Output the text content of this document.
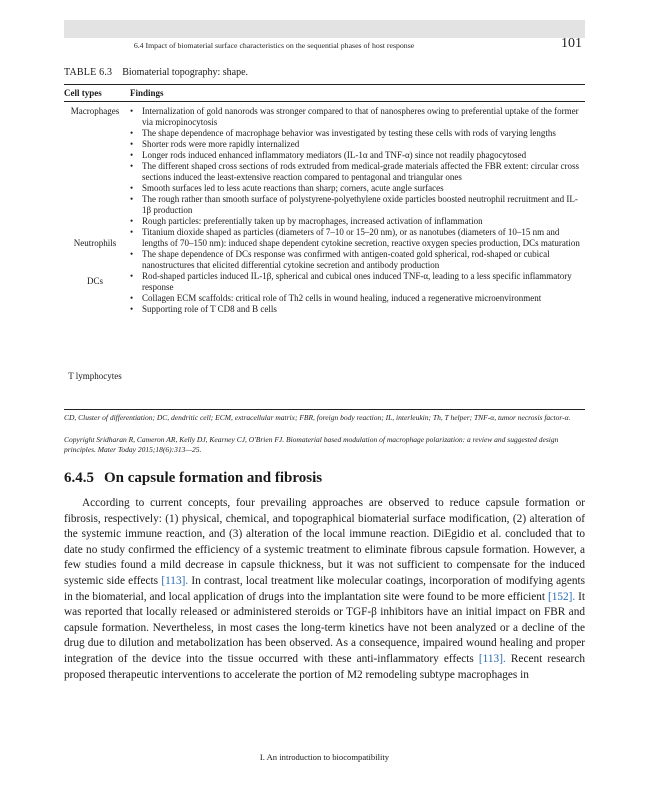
6.4 Impact of biomaterial surface characteristics on the sequential phases of host response	101
TABLE 6.3 Biomaterial topography: shape.
Cell types	Findings
Macrophages
Neutrophils
DCs
T lymphocytes
• Internalization of gold nanorods was stronger compared to that of nanospheres owing to preferential uptake of the former via micropinocytosis
• The shape dependence of macrophage behavior was investigated by testing these cells with rods of varying lengths
• Shorter rods were more rapidly internalized
• Longer rods induced enhanced inflammatory mediators (IL-1α and TNF-α) since not readily phagocytosed
• The different shaped cross sections of rods extruded from medical-grade materials affected the FBR extent: circular cross sections induced the least-extensive reaction compared to pentagonal and triangular ones
• Smooth surfaces led to less acute reactions than sharp; corners, acute angle surfaces
• The rough rather than smooth surface of polystyrene-polyethylene oxide particles boosted neutrophil recruitment and IL-1β production
• Rough particles: preferentially taken up by macrophages, increased activation of inflammation
• Titanium dioxide shaped as particles (diameters of 7–10 or 15–20 nm), or as nanotubes (diameters of 10–15 nm and lengths of 70–150 nm): induced shape dependent cytokine secretion, reactive oxygen species production, DCs maturation
• The shape dependence of DCs response was confirmed with antigen-coated gold spherical, rod-shaped or cubical nanostructures that elicited differential cytokine secretion and antibody production
• Rod-shaped particles induced IL-1β, spherical and cubical ones induced TNF-α, leading to a less specific inflammatory response
• Collagen ECM scaffolds: critical role of Th2 cells in wound healing, induced a regenerative microenvironment
• Supporting role of T CD8 and B cells
CD, Cluster of differentiation; DC, dendritic cell; ECM, extracellular matrix; FBR, foreign body reaction; IL, interleukin; Th, T helper; TNF-α, tumor necrosis factor-α.
Copyright Sridharan R, Cameron AR, Kelly DJ, Kearney CJ, O'Brien FJ. Biomaterial based modulation of macrophage polarization: a review and suggested design principles. Mater Today 2015;18(6):313—25.
6.4.5 On capsule formation and fibrosis

According to current concepts, four prevailing approaches are observed to reduce capsule formation or fibrosis, respectively: (1) physical, chemical, and topographical biomaterial surface modification, (2) alteration of the systemic immune reaction, and (3) alteration of the local immune reaction. DiEgidio et al. concluded that to date no study confirmed the efficiency of a systemic treatment to eliminate fibrous capsule formation. However, a few studies found a mild decrease in capsule thickness, but it was not sufficient to compensate for the induced systemic side effects [113]. In contrast, local treatment like molecular coatings, incorporation of modifying agents in the biomaterial, and local application of drugs into the implantation site were found to be more efficient [152]. It was reported that locally released or administered steroids or TGF-β inhibitors have an initial impact on FBR and capsule formation. Nevertheless, in most cases the long-term kinetics have not been analyzed or a decline of the drug due to dilution and metabolization has been observed. As a consequence, impaired wound healing and proper integration of the device into the tissue occurred with these anti-inflammatory effects [113]. Recent research proposed therapeutic interventions to accelerate the portion of M2 remodeling subtype macrophages in

I. An introduction to biocompatibility
